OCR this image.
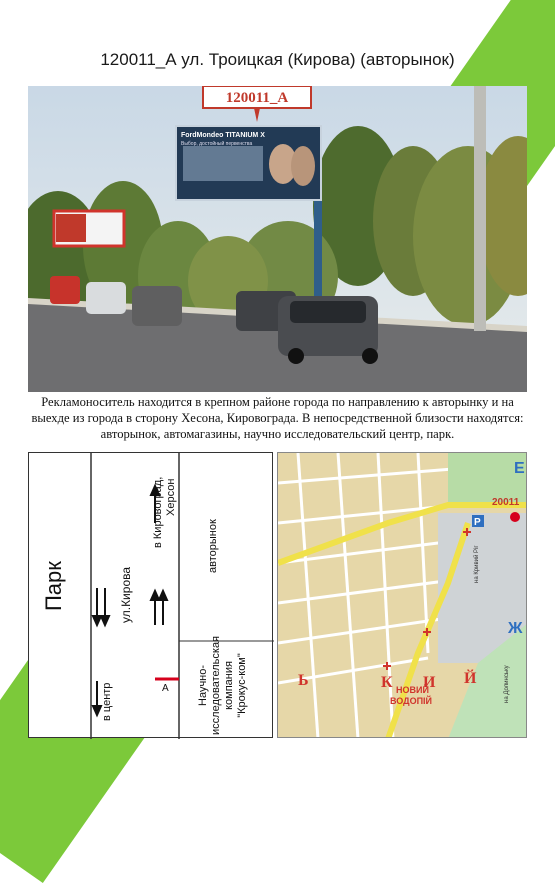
120011_А ул. Троицкая (Кирова) (авторынок)
FordMondeo TITANIUM X
Выбор, достойный первенства
120011_А
Рекламоноситель находится в крепном районе города по направлению к авторынку и на выехде из города в сторону Хесона, Кировограда. В непосредственной близости находятся: авторынок, автомагазины, научно исследовательский центр, парк.
Парк	ул.Кирова
в центр
в Кировоград, Херсон
авторынок
Научно- исследовательская компания "Крокус-ком"
А
20011
P
Е
Ж
Ь	К И Й
НОВИЙ
ВОДОПІЙ
на Кривий Ріг
на Долинську
